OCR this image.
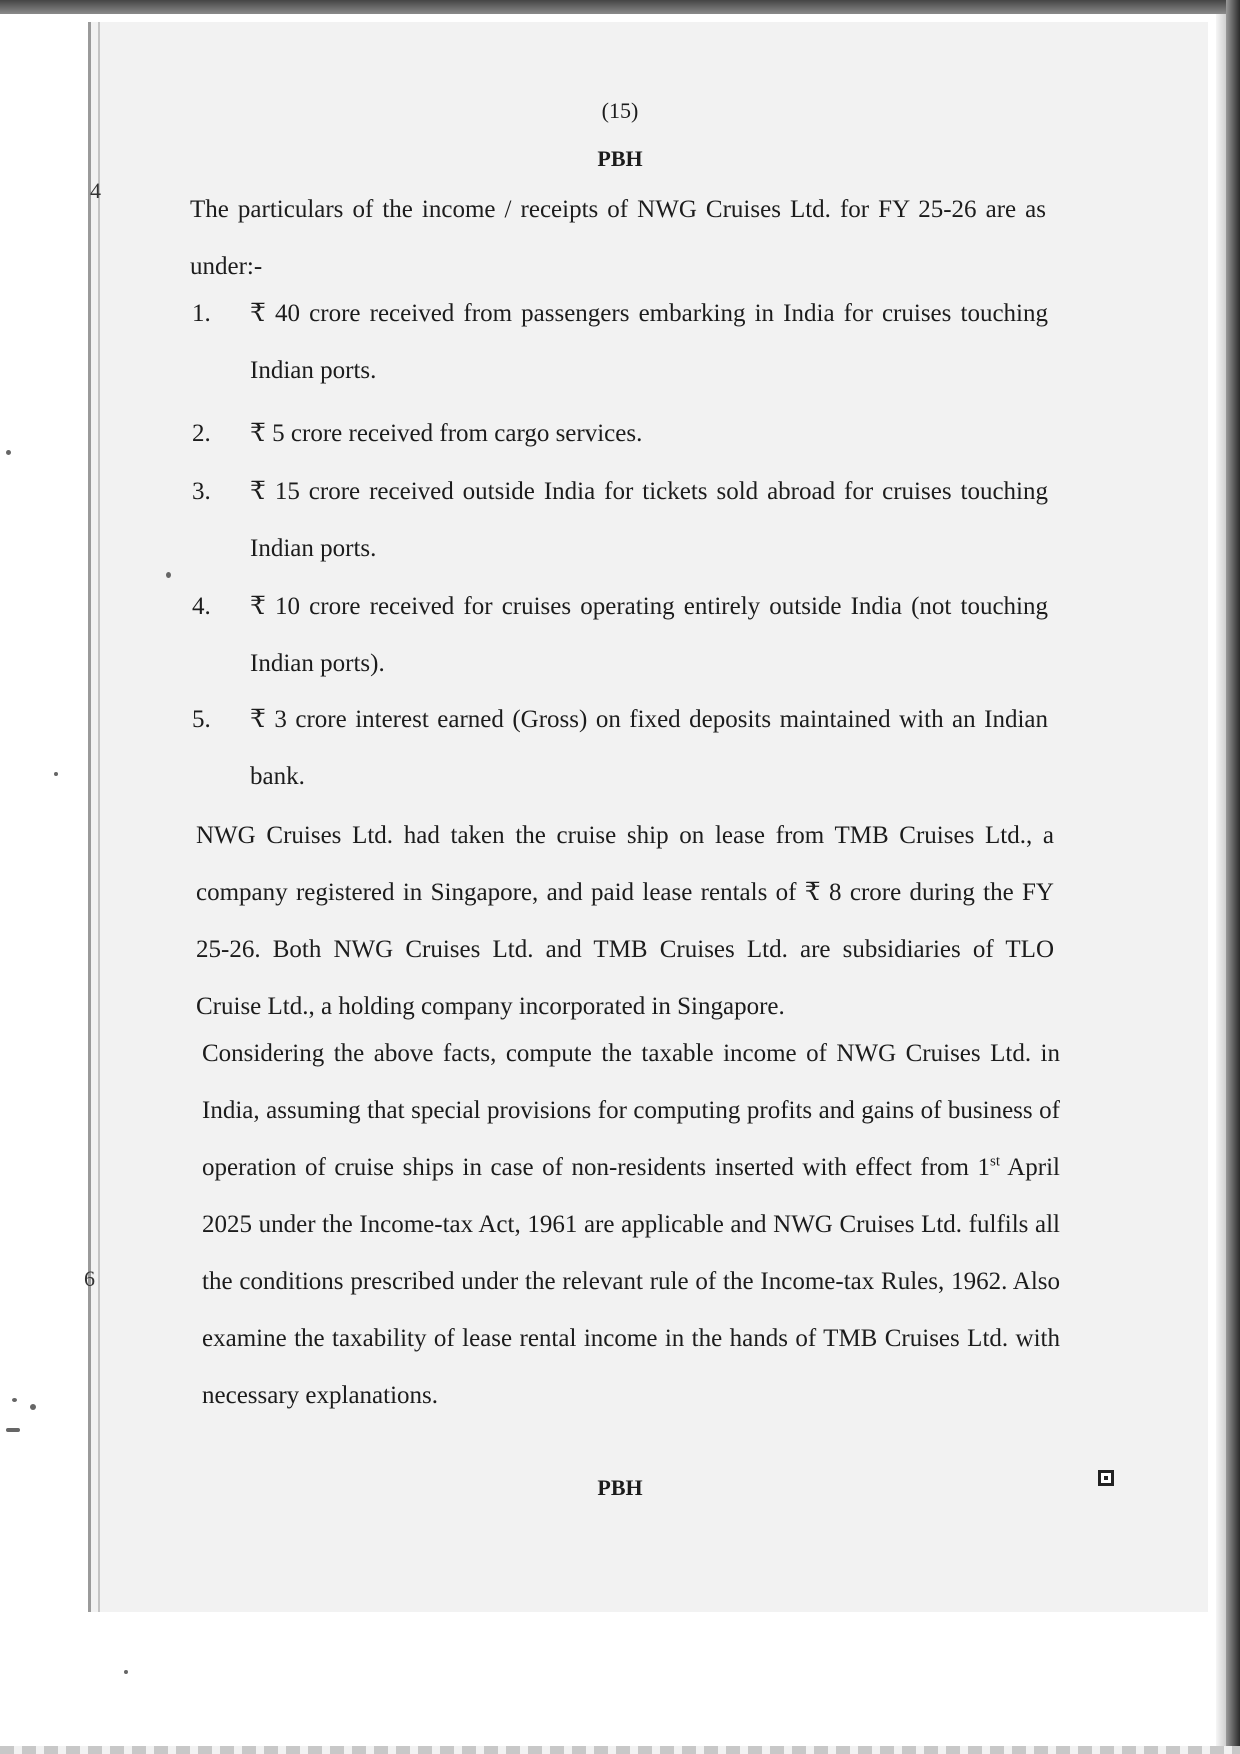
4
6
(15)
PBH
The particulars of the income / receipts of NWG Cruises Ltd. for FY 25-26 are as under:-
1. ₹ 40 crore received from passengers embarking in India for cruises touching Indian ports.
2. ₹ 5 crore received from cargo services.
3. ₹ 15 crore received outside India for tickets sold abroad for cruises touching Indian ports.
4. ₹ 10 crore received for cruises operating entirely outside India (not touching Indian ports).
5. ₹ 3 crore interest earned (Gross) on fixed deposits maintained with an Indian bank.
NWG Cruises Ltd. had taken the cruise ship on lease from TMB Cruises Ltd., a company registered in Singapore, and paid lease rentals of ₹ 8 crore during the FY 25-26. Both NWG Cruises Ltd. and TMB Cruises Ltd. are subsidiaries of TLO Cruise Ltd., a holding company incorporated in Singapore.
Considering the above facts, compute the taxable income of NWG Cruises Ltd. in India, assuming that special provisions for computing profits and gains of business of operation of cruise ships in case of non-residents inserted with effect from 1st April 2025 under the Income-tax Act, 1961 are applicable and NWG Cruises Ltd. fulfils all the conditions prescribed under the relevant rule of the Income-tax Rules, 1962. Also examine the taxability of lease rental income in the hands of TMB Cruises Ltd. with necessary explanations.
PBH
